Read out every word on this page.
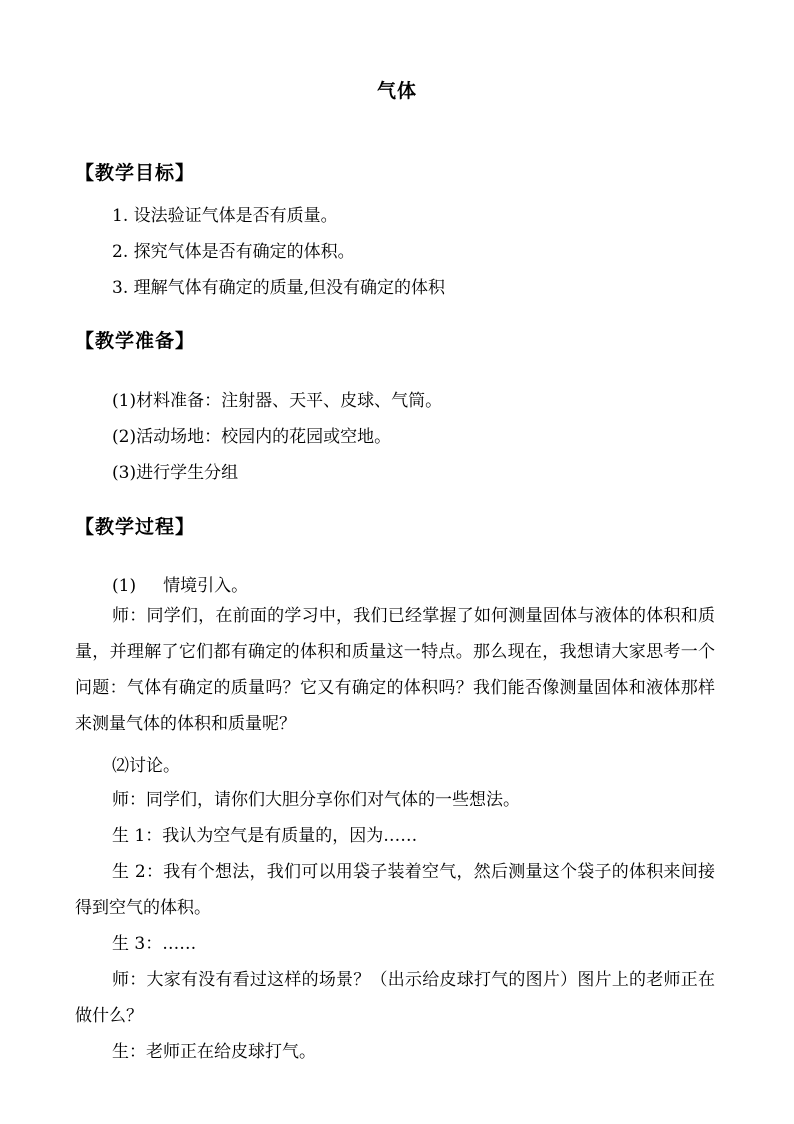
气体
【教学目标】
1. 设法验证气体是否有质量。
2. 探究气体是否有确定的体积。
3. 理解气体有确定的质量,但没有确定的体积
【教学准备】
(1)材料准备：注射器、天平、皮球、气筒。
(2)活动场地：校园内的花园或空地。
(3)进行学生分组
【教学过程】
(1)     情境引入。
师：同学们，在前面的学习中，我们已经掌握了如何测量固体与液体的体积和质量，并理解了它们都有确定的体积和质量这一特点。那么现在，我想请大家思考一个问题：气体有确定的质量吗？它又有确定的体积吗？我们能否像测量固体和液体那样来测量气体的体积和质量呢？
⑵讨论。
师：同学们，请你们大胆分享你们对气体的一些想法。
生 1：我认为空气是有质量的，因为……
生 2：我有个想法，我们可以用袋子装着空气，然后测量这个袋子的体积来间接得到空气的体积。
生 3：……
师：大家有没有看过这样的场景？（出示给皮球打气的图片）图片上的老师正在做什么？
生：老师正在给皮球打气。
